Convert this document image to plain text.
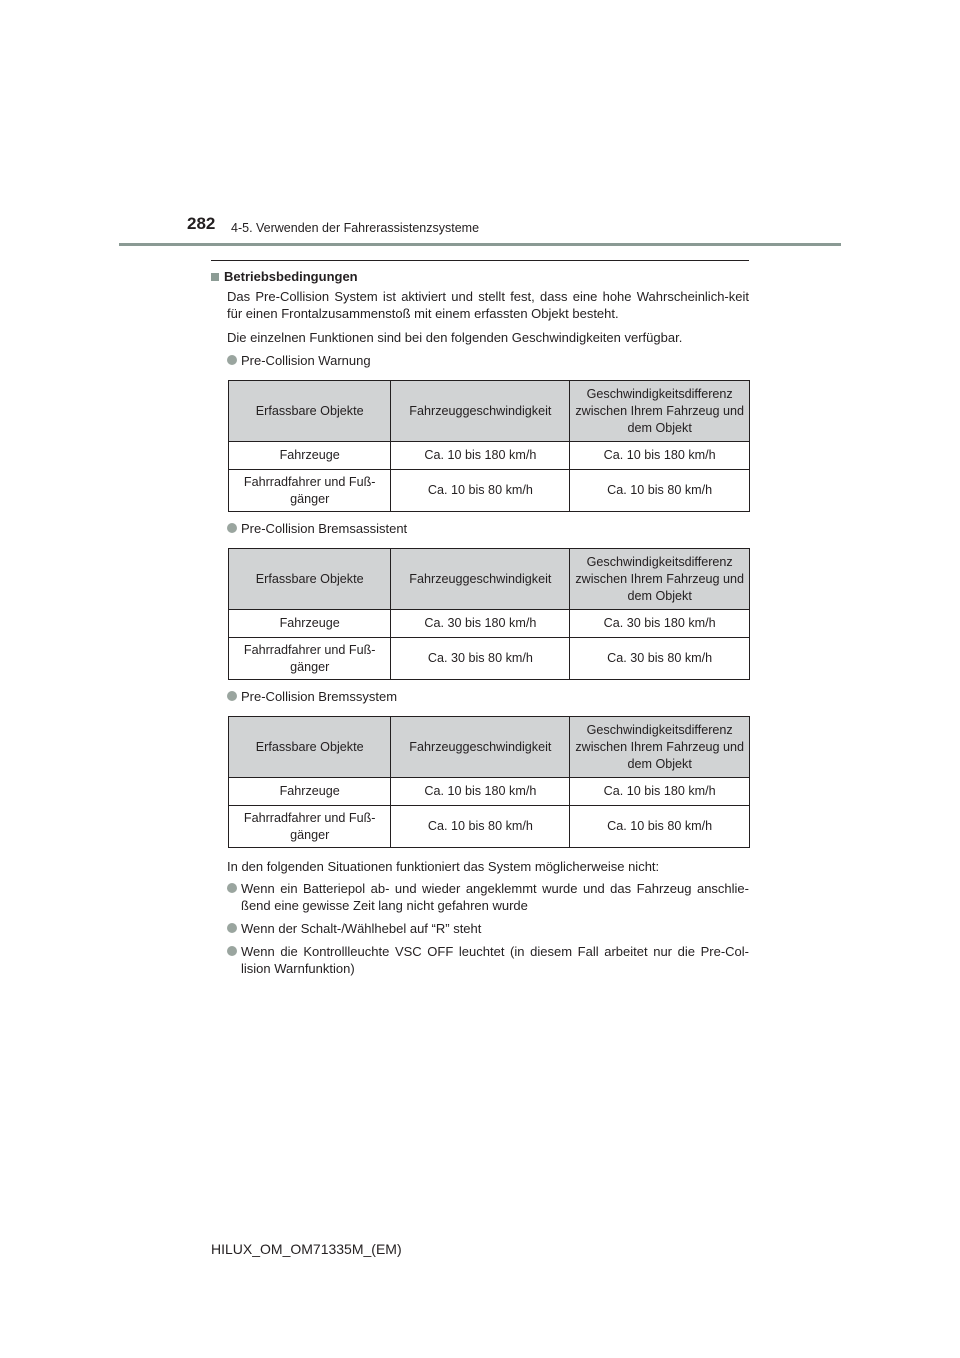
282 4-5. Verwenden der Fahrerassistenzsysteme
Betriebsbedingungen

Das Pre-Collision System ist aktiviert und stellt fest, dass eine hohe Wahrscheinlich-keit für einen Frontalzusammenstoß mit einem erfassten Objekt besteht.

Die einzelnen Funktionen sind bei den folgenden Geschwindigkeiten verfügbar.

Pre-Collision Warnung
Erfassbare Objekte	Fahrzeuggeschwindigkeit	Geschwindigkeitsdifferenz zwischen Ihrem Fahrzeug und dem Objekt
Fahrzeuge	Ca. 10 bis 180 km/h	Ca. 10 bis 180 km/h
Fahrradfahrer und Fuß-gänger	Ca. 10 bis 80 km/h	Ca. 10 bis 80 km/h
Pre-Collision Bremsassistent
Erfassbare Objekte	Fahrzeuggeschwindigkeit	Geschwindigkeitsdifferenz zwischen Ihrem Fahrzeug und dem Objekt
Fahrzeuge	Ca. 30 bis 180 km/h	Ca. 30 bis 180 km/h
Fahrradfahrer und Fuß-gänger	Ca. 30 bis 80 km/h	Ca. 30 bis 80 km/h
Pre-Collision Bremssystem
Erfassbare Objekte	Fahrzeuggeschwindigkeit	Geschwindigkeitsdifferenz zwischen Ihrem Fahrzeug und dem Objekt
Fahrzeuge	Ca. 10 bis 180 km/h	Ca. 10 bis 180 km/h
Fahrradfahrer und Fuß-gänger	Ca. 10 bis 80 km/h	Ca. 10 bis 80 km/h

In den folgenden Situationen funktioniert das System möglicherweise nicht:

Wenn ein Batteriepol ab- und wieder angeklemmt wurde und das Fahrzeug anschlie-ßend eine gewisse Zeit lang nicht gefahren wurde
Wenn der Schalt-/Wählhebel auf “R” steht
Wenn die Kontrollleuchte VSC OFF leuchtet (in diesem Fall arbeitet nur die Pre-Col-lision Warnfunktion)
HILUX_OM_OM71335M_(EM)
